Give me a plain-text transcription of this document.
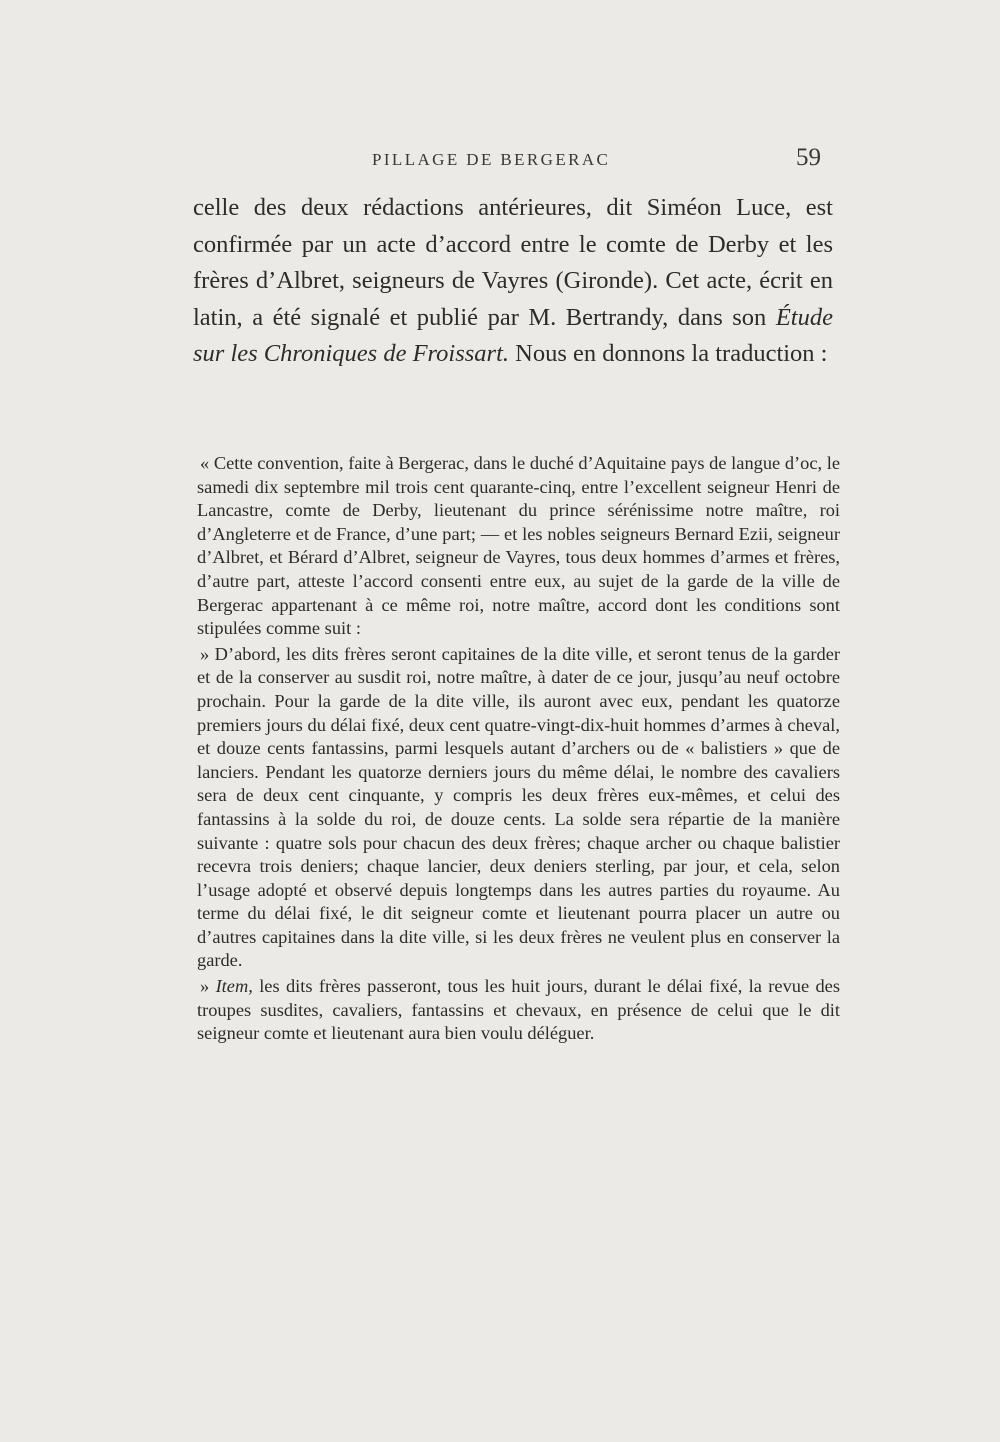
PILLAGE DE BERGERAC	59

celle des deux rédactions antérieures, dit Siméon Luce, est confirmée par un acte d’accord entre le comte de Derby et les frères d’Albret, seigneurs de Vayres (Gironde). Cet acte, écrit en latin, a été signalé et publié par M. Bertrandy, dans son Étude sur les Chroniques de Froissart. Nous en donnons la traduction :

« Cette convention, faite à Bergerac, dans le duché d’Aquitaine pays de langue d’oc, le samedi dix septembre mil trois cent quarante-cinq, entre l’excellent seigneur Henri de Lancastre, comte de Derby, lieutenant du prince sérénissime notre maître, roi d’Angleterre et de France, d’une part; — et les nobles seigneurs Bernard Ezii, seigneur d’Albret, et Bérard d’Albret, seigneur de Vayres, tous deux hommes d’armes et frères, d’autre part, atteste l’accord consenti entre eux, au sujet de la garde de la ville de Bergerac appartenant à ce même roi, notre maître, accord dont les conditions sont stipulées comme suit :

» D’abord, les dits frères seront capitaines de la dite ville, et seront tenus de la garder et de la conserver au susdit roi, notre maître, à dater de ce jour, jusqu’au neuf octobre prochain. Pour la garde de la dite ville, ils auront avec eux, pendant les quatorze premiers jours du délai fixé, deux cent quatre-vingt-dix-huit hommes d’armes à cheval, et douze cents fantassins, parmi lesquels autant d’archers ou de « balistiers » que de lanciers. Pendant les quatorze derniers jours du même délai, le nombre des cavaliers sera de deux cent cinquante, y compris les deux frères eux-mêmes, et celui des fantassins à la solde du roi, de douze cents. La solde sera répartie de la manière suivante : quatre sols pour chacun des deux frères; chaque archer ou chaque balistier recevra trois deniers; chaque lancier, deux deniers sterling, par jour, et cela, selon l’usage adopté et observé depuis longtemps dans les autres parties du royaume. Au terme du délai fixé, le dit seigneur comte et lieutenant pourra placer un autre ou d’autres capitaines dans la dite ville, si les deux frères ne veulent plus en conserver la garde.

» Item, les dits frères passeront, tous les huit jours, durant le délai fixé, la revue des troupes susdites, cavaliers, fantassins et chevaux, en présence de celui que le dit seigneur comte et lieutenant aura bien voulu déléguer.
